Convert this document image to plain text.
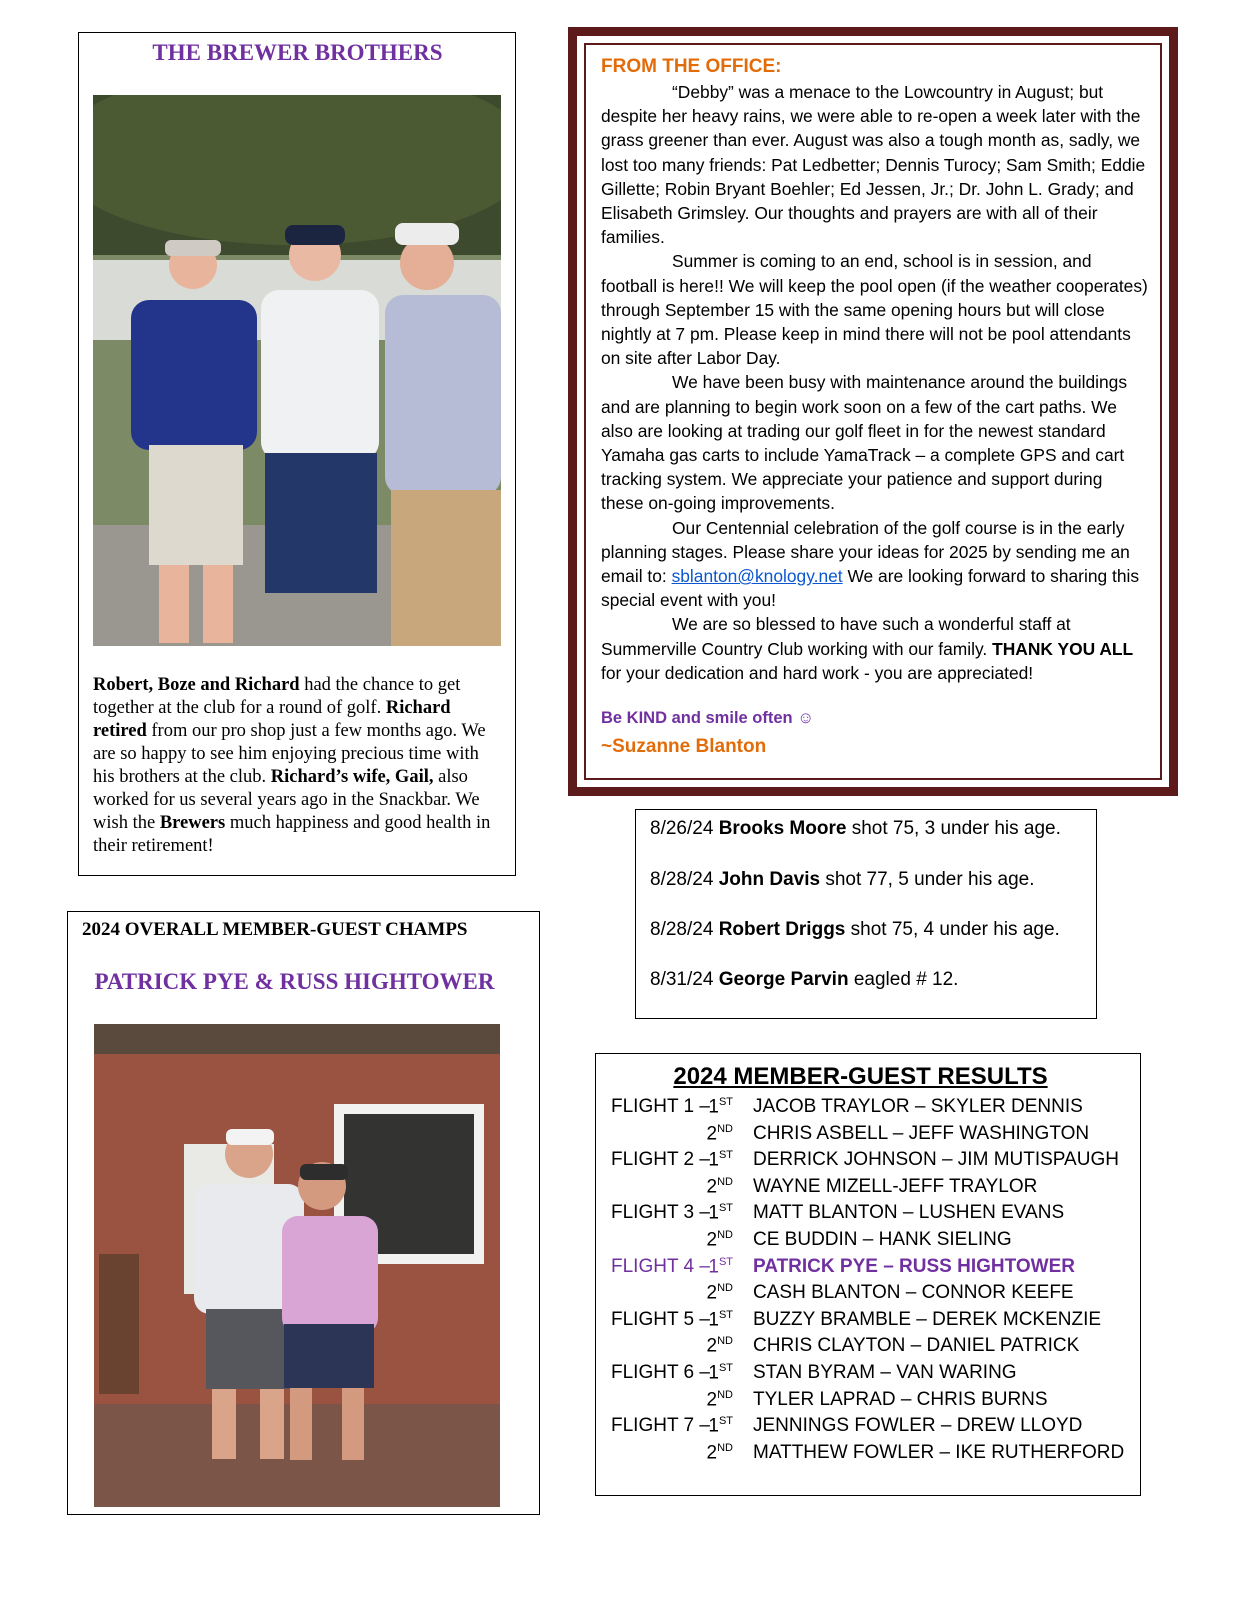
THE BREWER BROTHERS
Robert, Boze and Richard had the chance to get together at the club for a round of golf. Richard retired from our pro shop just a few months ago. We are so happy to see him enjoying precious time with his brothers at the club. Richard’s wife, Gail, also worked for us several years ago in the Snackbar. We wish the Brewers much happiness and good health in their retirement!
FROM THE OFFICE:

“Debby” was a menace to the Lowcountry in August; but despite her heavy rains, we were able to re-open a week later with the grass greener than ever. August was also a tough month as, sadly, we lost too many friends: Pat Ledbetter; Dennis Turocy; Sam Smith; Eddie Gillette; Robin Bryant Boehler; Ed Jessen, Jr.; Dr. John L. Grady; and Elisabeth Grimsley. Our thoughts and prayers are with all of their families.

Summer is coming to an end, school is in session, and football is here!! We will keep the pool open (if the weather cooperates) through September 15 with the same opening hours but will close nightly at 7 pm. Please keep in mind there will not be pool attendants on site after Labor Day.

We have been busy with maintenance around the buildings and are planning to begin work soon on a few of the cart paths. We also are looking at trading our golf fleet in for the newest standard Yamaha gas carts to include YamaTrack – a complete GPS and cart tracking system. We appreciate your patience and support during these on-going improvements.

Our Centennial celebration of the golf course is in the early planning stages. Please share your ideas for 2025 by sending me an email to: sblanton@knology.net We are looking forward to sharing this special event with you!

We are so blessed to have such a wonderful staff at Summerville Country Club working with our family. THANK YOU ALL for your dedication and hard work - you are appreciated!

Be KIND and smile often ☺
~Suzanne Blanton
8/26/24 Brooks Moore shot 75, 3 under his age.
8/28/24 John Davis shot 77, 5 under his age.
8/28/24 Robert Driggs shot 75, 4 under his age.
8/31/24 George Parvin eagled # 12.
2024 OVERALL MEMBER-GUEST CHAMPS
PATRICK PYE & RUSS HIGHTOWER
2024 MEMBER-GUEST RESULTS
FLIGHT 1 –
1ST JACOB TRAYLOR – SKYLER DENNIS
2ND CHRIS ASBELL – JEFF WASHINGTON
FLIGHT 2 –
1ST DERRICK JOHNSON – JIM MUTISPAUGH
2ND WAYNE MIZELL-JEFF TRAYLOR
FLIGHT 3 –
1ST MATT BLANTON – LUSHEN EVANS
2ND CE BUDDIN – HANK SIELING
FLIGHT 4 –
1ST PATRICK PYE – RUSS HIGHTOWER
2ND CASH BLANTON – CONNOR KEEFE
FLIGHT 5 –
1ST BUZZY BRAMBLE – DEREK MCKENZIE
2ND CHRIS CLAYTON – DANIEL PATRICK
FLIGHT 6 –
1ST STAN BYRAM – VAN WARING
2ND TYLER LAPRAD – CHRIS BURNS
FLIGHT 7 –
1ST JENNINGS FOWLER – DREW LLOYD
2ND MATTHEW FOWLER – IKE RUTHERFORD
